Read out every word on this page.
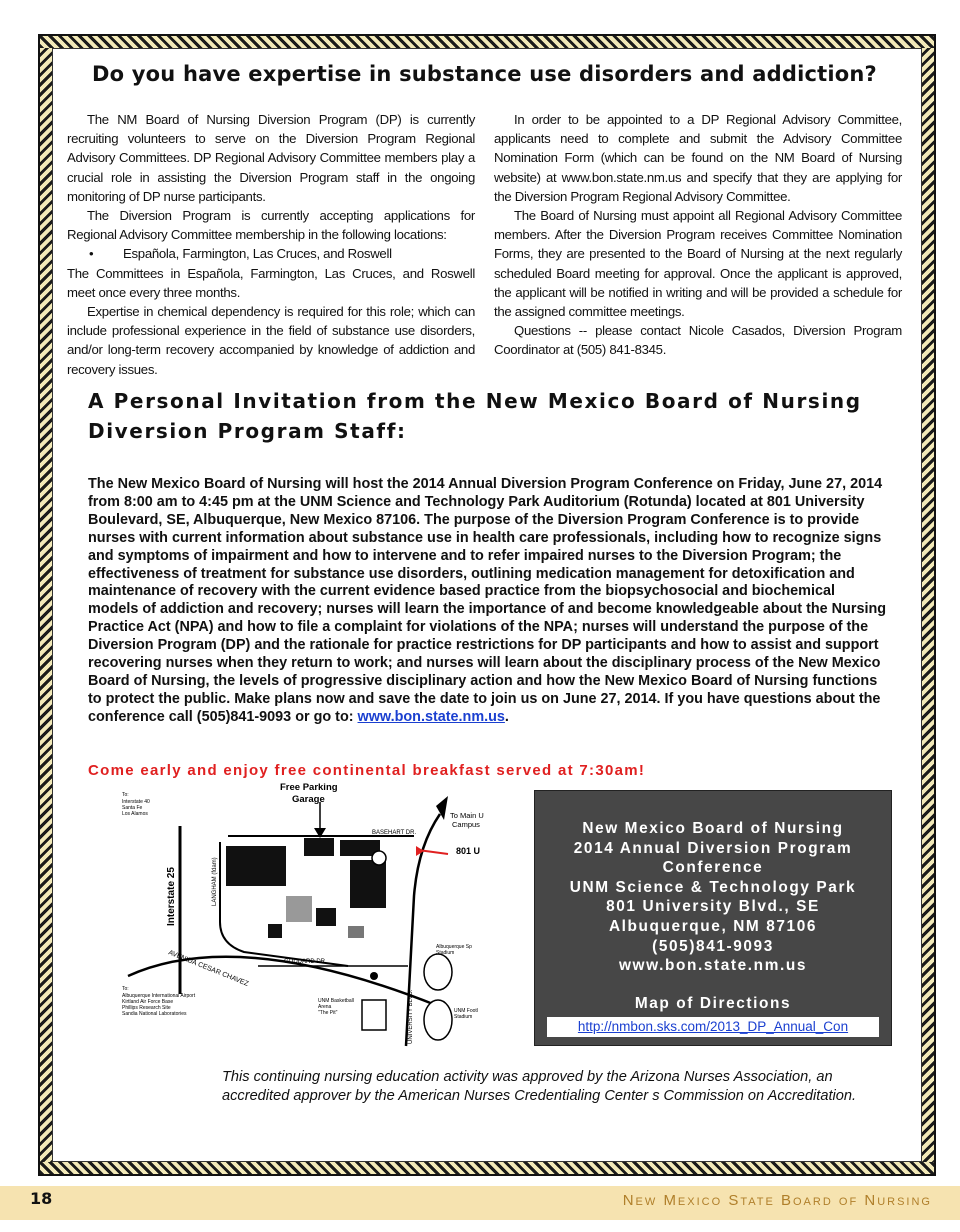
Do you have expertise in substance use disorders and addiction?

The NM Board of Nursing Diversion Program (DP) is currently recruiting volunteers to serve on the Diversion Program Regional Advisory Committees. DP Regional Advisory Committee members play a crucial role in assisting the Diversion Program staff in the ongoing monitoring of DP nurse participants.

The Diversion Program is currently accepting applications for Regional Advisory Committee membership in the following locations:

• Española, Farmington, Las Cruces, and Roswell

The Committees in Española, Farmington, Las Cruces, and Roswell meet once every three months.

Expertise in chemical dependency is required for this role; which can include professional experience in the field of substance use disorders, and/or long-term recovery accompanied by knowledge of addiction and recovery issues.

In order to be appointed to a DP Regional Advisory Committee, applicants need to complete and submit the Advisory Committee Nomination Form (which can be found on the NM Board of Nursing website) at www.bon.state.nm.us and specify that they are applying for the Diversion Program Regional Advisory Committee.

The Board of Nursing must appoint all Regional Advisory Committee members. After the Diversion Program receives Committee Nomination Forms, they are presented to the Board of Nursing at the next regularly scheduled Board meeting for approval. Once the applicant is approved, the applicant will be notified in writing and will be provided a schedule for the assigned committee meetings.

Questions -- please contact Nicole Casados, Diversion Program Coordinator at (505) 841-8345.

A Personal Invitation from the New Mexico Board of Nursing Diversion Program Staff:
The New Mexico Board of Nursing will host the 2014 Annual Diversion Program Conference on Friday, June 27, 2014 from 8:00 am to 4:45 pm at the UNM Science and Technology Park Auditorium (Rotunda) located at 801 University Boulevard, SE, Albuquerque, New Mexico 87106. The purpose of the Diversion Program Conference is to provide nurses with current information about substance use in health care professionals, including how to recognize signs and symptoms of impairment and how to intervene and to refer impaired nurses to the Diversion Program; the effectiveness of treatment for substance use disorders, outlining medication management for detoxification and maintenance of recovery with the current evidence based practice from the biopsychosocial and biochemical models of addiction and recovery; nurses will learn the importance of and become knowledgeable about the Nursing Practice Act (NPA) and how to file a complaint for violations of the NPA; nurses will understand the purpose of the Diversion Program (DP) and the rationale for practice restrictions for DP participants and how to assist and support recovering nurses when they return to work; and nurses will learn about the disciplinary process of the New Mexico Board of Nursing, the levels of progressive disciplinary action and how the New Mexico Board of Nursing functions to protect the public. Make plans now and save the date to join us on June 27, 2014. If you have questions about the conference call (505)841-9093 or go to: www.bon.state.nm.us.
Come early and enjoy free continental breakfast served at 7:30am!
Free Parking
Garage
To:
Interstate 40
Santa Fe
Los Alamos
Interstate 25	LANGHAM (fdam)
BASEHART DR.
To Main U
Campus
801 U
GODDARD DR.
AVENIDA CESAR CHAVEZ
To:
Albuquerque International Airport
Kirtland Air Force Base
Phillips Research Site
Sandia National Laboratories	UNIVERSITY BLVD.
Albuquerque Sp
Stadium
UNM Basketball
Arena
"The Pit"	UNM Footl
Stadium
New Mexico Board of Nursing
2014 Annual Diversion Program
Conference
UNM Science & Technology Park
801 University Blvd., SE
Albuquerque, NM 87106
(505)841-9093
www.bon.state.nm.us
Map of Directions
http://nmbon.sks.com/2013_DP_Annual_Con
This continuing nursing education activity was approved by the Arizona Nurses Association, an accredited approver by the American Nurses Credentialing Center s Commission on Accreditation.
18	New Mexico State Board of Nursing
